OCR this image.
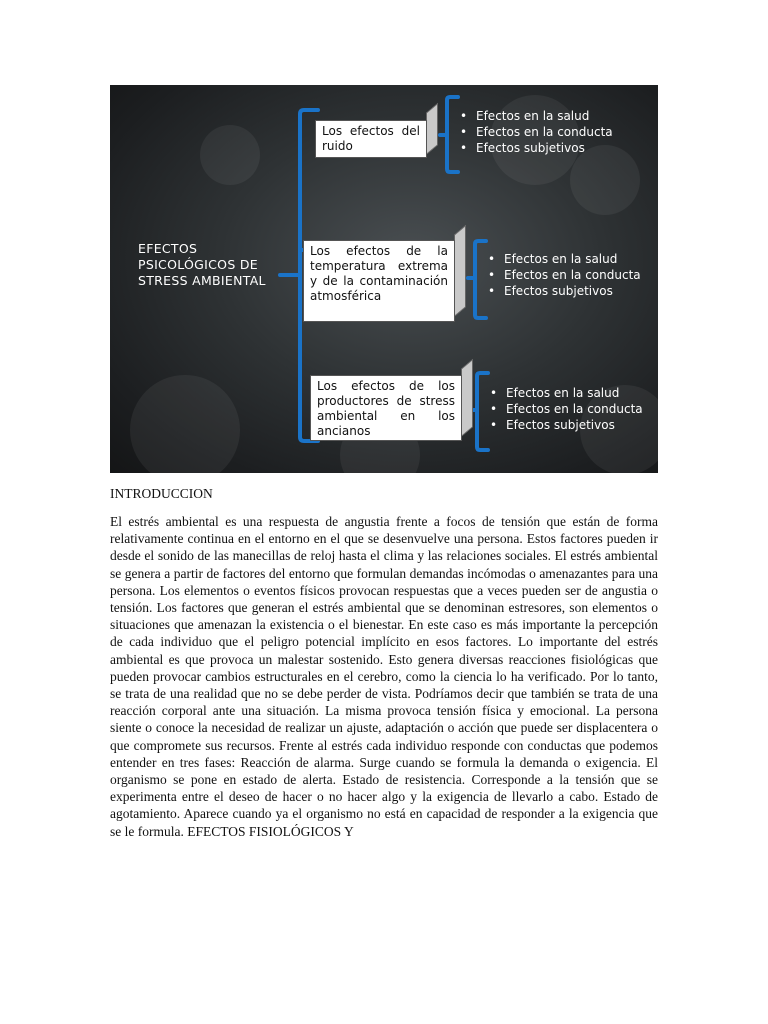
EFECTOS PSICOLÓGICOS DE STRESS AMBIENTAL
Los efectos del ruido
• Efectos en la salud
• Efectos en la conducta
• Efectos subjetivos
Los efectos de la temperatura extrema y de la contaminación atmosférica
• Efectos en la salud
• Efectos en la conducta
• Efectos subjetivos
Los efectos de los productores de stress ambiental en los ancianos
• Efectos en la salud
• Efectos en la conducta
• Efectos subjetivos
INTRODUCCION

El estrés ambiental es una respuesta de angustia frente a focos de tensión que están de forma relativamente continua en el entorno en el que se desenvuelve una persona. Estos factores pueden ir desde el sonido de las manecillas de reloj hasta el clima y las relaciones sociales. El estrés ambiental se genera a partir de factores del entorno que formulan demandas incómodas o amenazantes para una persona. Los elementos o eventos físicos provocan respuestas que a veces pueden ser de angustia o tensión. Los factores que generan el estrés ambiental que se denominan estresores, son elementos o situaciones que amenazan la existencia o el bienestar. En este caso es más importante la percepción de cada individuo que el peligro potencial implícito en esos factores. Lo importante del estrés ambiental es que provoca un malestar sostenido. Esto genera diversas reacciones fisiológicas que pueden provocar cambios estructurales en el cerebro, como la ciencia lo ha verificado. Por lo tanto, se trata de una realidad que no se debe perder de vista. Podríamos decir que también se trata de una reacción corporal ante una situación. La misma provoca tensión física y emocional. La persona siente o conoce la necesidad de realizar un ajuste, adaptación o acción que puede ser displacentera o que compromete sus recursos. Frente al estrés cada individuo responde con conductas que podemos entender en tres fases: Reacción de alarma. Surge cuando se formula la demanda o exigencia. El organismo se pone en estado de alerta. Estado de resistencia. Corresponde a la tensión que se experimenta entre el deseo de hacer o no hacer algo y la exigencia de llevarlo a cabo. Estado de agotamiento. Aparece cuando ya el organismo no está en capacidad de responder a la exigencia que se le formula. EFECTOS FISIOLÓGICOS Y
